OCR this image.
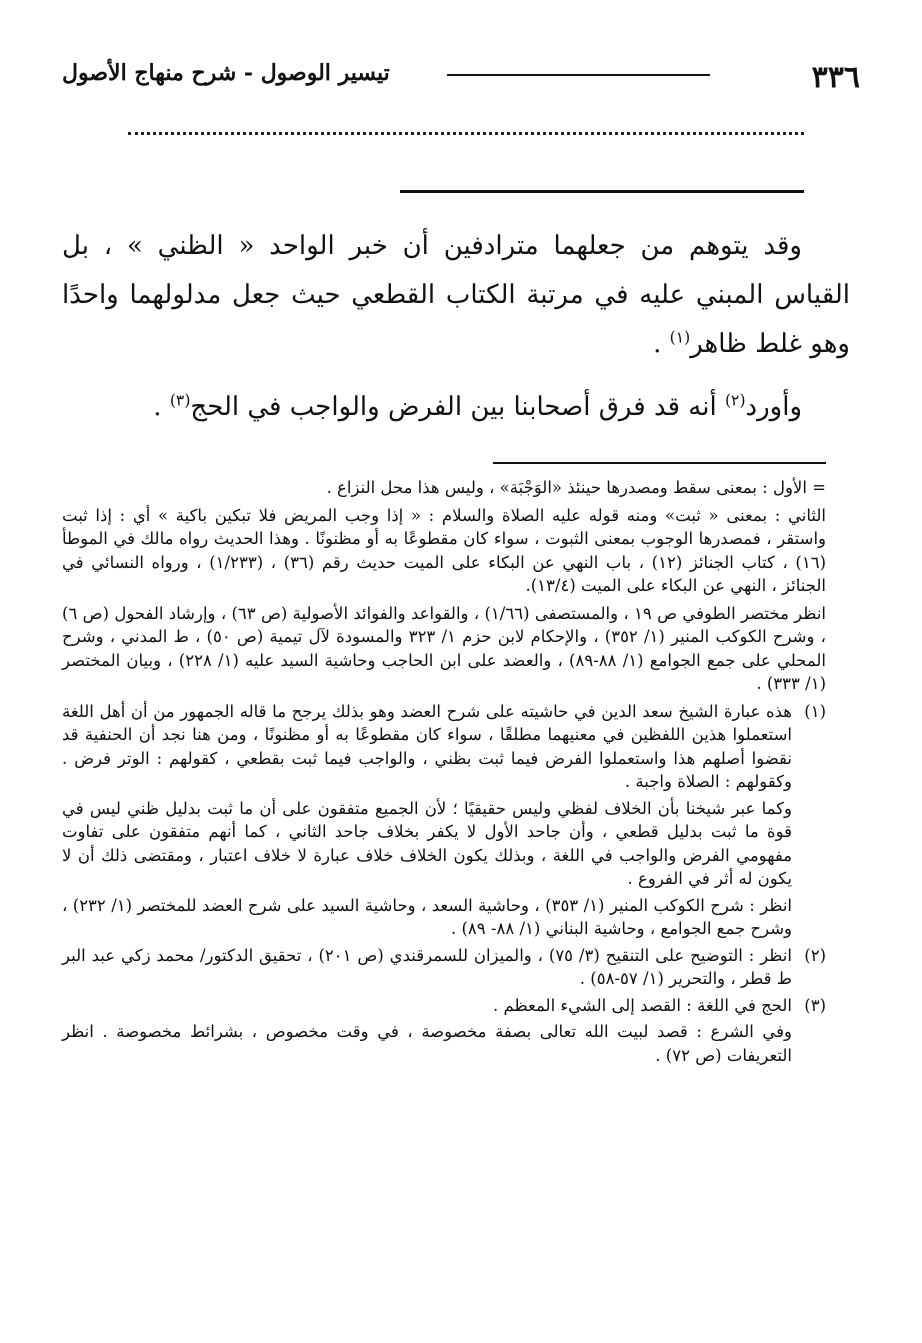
٣٣٦
تيسير الوصول - شرح منهاج الأصول

وقد يتوهم من جعلهما مترادفين أن خبر الواحد « الظني » ، بل القياس المبني عليه في مرتبة الكتاب القطعي حيث جعل مدلولهما واحدًا وهو غلط ظاهر$^{(١)}$ .

وأورد$^{(٢)}$ أنه قد فرق أصحابنا بين الفرض والواجب في الحج$^{(٣)}$ .

= الأول : بمعنى سقط ومصدرها حينئذ «الوَجْبَة» ، وليس هذا محل النزاع .

الثاني : بمعنى « ثبت» ومنه قوله عليه الصلاة والسلام : « إذا وجب المريض فلا تبكين باكية » أي : إذا ثبت واستقر ، فمصدرها الوجوب بمعنى الثبوت ، سواء كان مقطوعًا به أو مظنونًا . وهذا الحديث رواه مالك في الموطأ (١٦) ، كتاب الجنائز (١٢) ، باب النهي عن البكاء على الميت حديث رقم (٣٦) ، (١/٢٣٣) ، ورواه النسائي في الجنائز ، النهي عن البكاء على الميت (١٣/٤).

انظر مختصر الطوفي ص ١٩ ، والمستصفى (١/٦٦) ، والقواعد والفوائد الأصولية (ص ٦٣) ، وإرشاد الفحول (ص ٦) ، وشرح الكوكب المنير (١/ ٣٥٢) ، والإحكام لابن حزم ١/ ٣٢٣ والمسودة لآل تيمية (ص ٥٠) ، ط المدني ، وشرح المحلي على جمع الجوامع (١/ ٨٨-٨٩) ، والعضد على ابن الحاجب وحاشية السيد عليه (١/ ٢٢٨) ، وبيان المختصر (١/ ٣٣٣) .

(١)

هذه عبارة الشيخ سعد الدين في حاشيته على شرح العضد وهو بذلك يرجح ما قاله الجمهور من أن أهل اللغة استعملوا هذين اللفظين في معنيهما مطلقًا ، سواء كان مقطوعًا به أو مظنونًا ، ومن هنا نجد أن الحنفية قد نقضوا أصلهم هذا واستعملوا الفرض فيما ثبت بظني ، والواجب فيما ثبت بقطعي ، كقولهم : الوتر فرض . وكقولهم : الصلاة واجبة .

وكما عبر شيخنا بأن الخلاف لفظي وليس حقيقيًا ؛ لأن الجميع متفقون على أن ما ثبت بدليل ظني ليس في قوة ما ثبت بدليل قطعي ، وأن جاحد الأول لا يكفر بخلاف جاحد الثاني ، كما أنهم متفقون على تفاوت مفهومي الفرض والواجب في اللغة ، وبذلك يكون الخلاف خلاف عبارة لا خلاف اعتبار ، ومقتضى ذلك أن لا يكون له أثر في الفروع .

انظر : شرح الكوكب المنير (١/ ٣٥٣) ، وحاشية السعد ، وحاشية السيد على شرح العضد للمختصر (١/ ٢٣٢) ، وشرح جمع الجوامع ، وحاشية البناني (١/ ٨٨- ٨٩) .

(٢)

انظر : التوضيح على التنقيح (٣/ ٧٥) ، والميزان للسمرقندي (ص ٢٠١) ، تحقيق الدكتور/ محمد زكي عبد البر ط قطر ، والتحرير (١/ ٥٧-٥٨) .

(٣)

الحج في اللغة : القصد إلى الشيء المعظم .

وفي الشرع : قصد لبيت الله تعالى بصفة مخصوصة ، في وقت مخصوص ، بشرائط مخصوصة . انظر التعريفات (ص ٧٢) .
